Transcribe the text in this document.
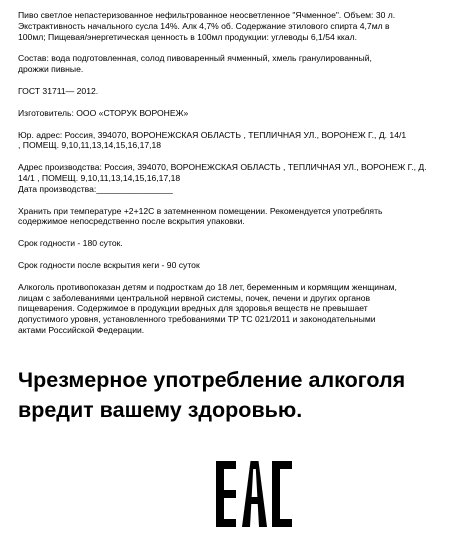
Пиво светлое непастеризованное нефильтрованное неосветленное "Ячменное". Объем: 30 л.
Экстрактивность начального сусла 14%. Алк 4,7% об. Содержание этилового спирта 4,7мл в
100мл; Пищевая/энергетическая ценность в 100мл продукции: углеводы 6,1/54 ккал.

Состав: вода подготовленная, солод пивоваренный ячменный, хмель гранулированный,
дрожжи пивные.

ГОСТ 31711— 2012.

Изготовитель: ООО «СТОРУК ВОРОНЕЖ»

Юр. адрес: Россия, 394070, ВОРОНЕЖСКАЯ ОБЛАСТЬ , ТЕПЛИЧНАЯ УЛ., ВОРОНЕЖ Г., Д. 14/1
, ПОМЕЩ. 9,10,11,13,14,15,16,17,18

Адрес производства: Россия, 394070, ВОРОНЕЖСКАЯ ОБЛАСТЬ , ТЕПЛИЧНАЯ УЛ., ВОРОНЕЖ Г., Д.
14/1 , ПОМЕЩ. 9,10,11,13,14,15,16,17,18

Дата производства:________________

Хранить при температуре +2+12С в затемненном помещении. Рекомендуется употреблять
содержимое непосредственно после вскрытия упаковки.

Срок годности - 180 суток.

Срок годности после вскрытия кеги - 90 суток

Алкоголь противопоказан детям и подросткам до 18 лет, беременным и кормящим женщинам,
лицам с заболеваниями центральной нервной системы, почек, печени и других органов
пищеварения. Содержимое в продукции вредных для здоровья веществ не превышает
допустимого уровня, установленного требованиями ТР ТС 021/2011 и законодательными
актами Российской Федерации.

Чрезмерное употребление алкоголя
вредит вашему здоровью.
